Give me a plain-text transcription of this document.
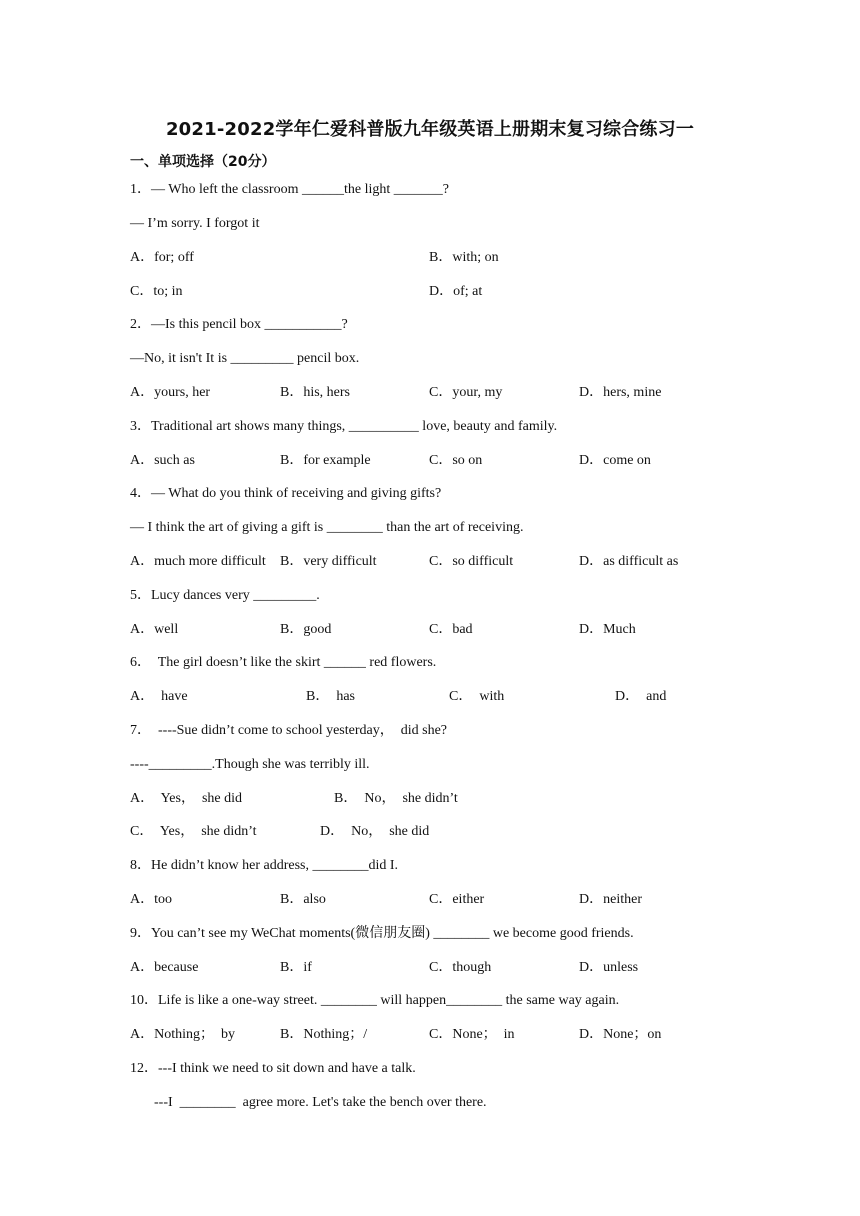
2021-2022学年仁爱科普版九年级英语上册期末复习综合练习一
一、单项选择（20分）
1．— Who left the classroom ______the light _______?
— I’m sorry. I forgot it
A．for; off	B．with; on
C．to; in	D．of; at
2．—Is this pencil box ___________?
—No, it isn't It is _________ pencil box.
A．yours, her	B．his, hers	C．your, my	D．hers, mine
3．Traditional art shows many things, __________ love, beauty and family.
A．such as	B．for example	C．so on	D．come on
4．— What do you think of receiving and giving gifts?
— I think the art of giving a gift is ________ than the art of receiving.
A．much more difficult B．very difficult	C．so difficult	D．as difficult as
5．Lucy dances very _________.
A．well	B．good	C．bad	D．Much
6．  The girl doesn’t like the skirt ______ red flowers.
A．  have	B．  has	C．  with	D．  and
7．  ----Sue didn’t come to school yesterday，  did she?
----_________.Though she was terribly ill.
A．  Yes，  she did	B．  No，  she didn’t
C．  Yes，  she didn’t	D．  No，  she did
8．He didn’t know her address, ________did I.
A．too	B．also	C．either	D．neither
9．You can’t see my WeChat moments(微信朋友圈) ________ we become good friends.
A．because	B．if	C．though	D．unless
10．Life is like a one-way street. ________ will happen________ the same way again.
A．Nothing；  by	B．Nothing；/	C．None；  in	D．None；on
12．---I think we need to sit down and have a talk.
---I  ________  agree more. Let's take the bench over there.
